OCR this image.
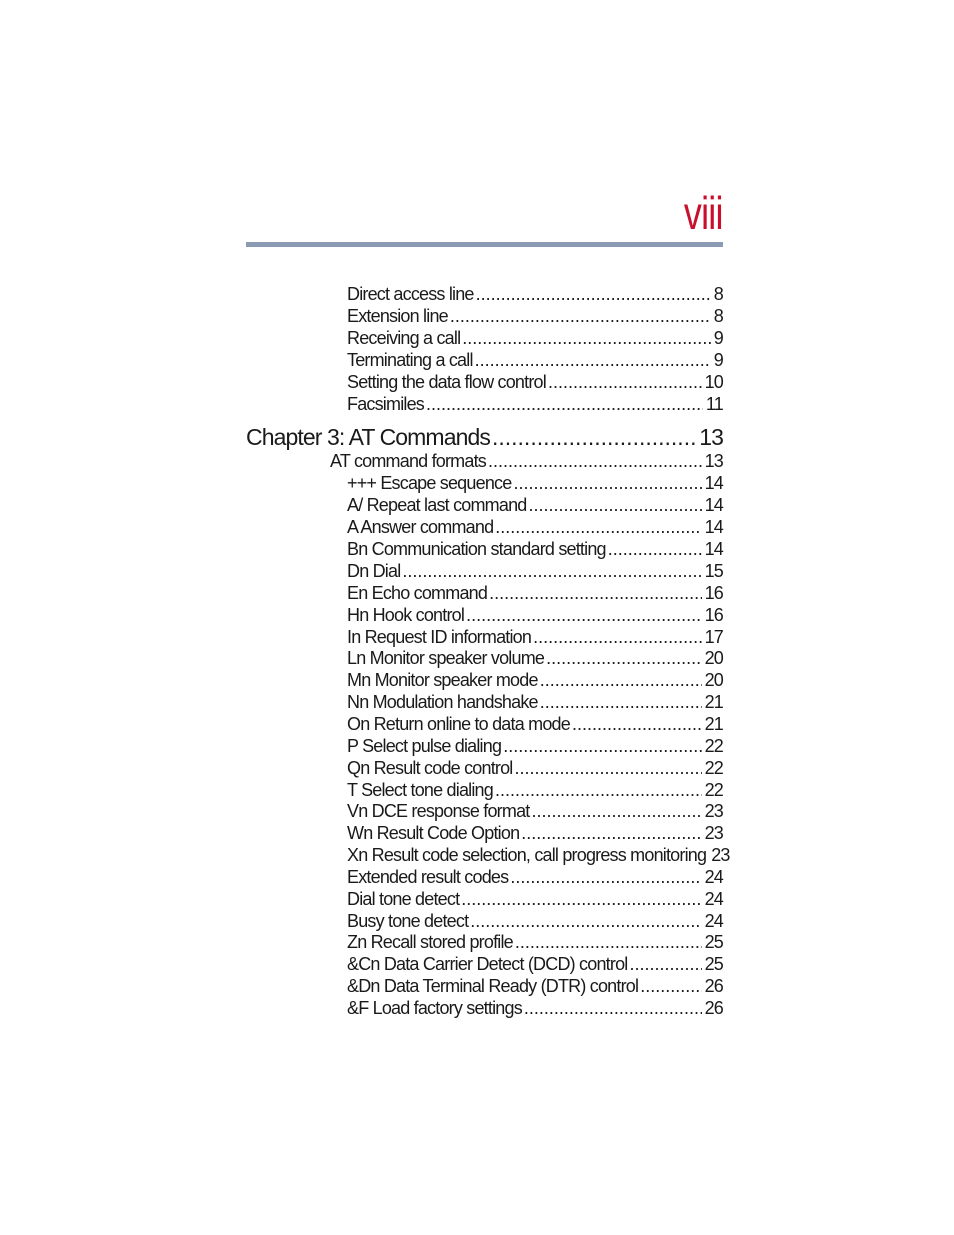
viii
Direct access line .....	8
Extension line .....	8
Receiving a call .....	9
Terminating a call .....	9
Setting the data flow control .....	10
Facsimiles .....	11
Chapter 3: AT Commands .....	13
AT command formats .....	13
+++ Escape sequence .....	14
A/ Repeat last command .....	14
A Answer command .....	14
Bn Communication standard setting .....	14
Dn Dial .....	15
En Echo command .....	16
Hn Hook control .....	16
In Request ID information .....	17
Ln Monitor speaker volume .....	20
Mn Monitor speaker mode .....	20
Nn Modulation handshake .....	21
On Return online to data mode .....	21
P Select pulse dialing .....	22
Qn Result code control .....	22
T Select tone dialing .....	22
Vn DCE response format .....	23
Wn Result Code Option .....	23
Xn Result code selection, call progress monitoring 23
Extended result codes .....	24
Dial tone detect .....	24
Busy tone detect .....	24
Zn Recall stored profile .....	25
&Cn Data Carrier Detect (DCD) control .....	25
&Dn Data Terminal Ready (DTR) control .....	26
&F Load factory settings .....	26
